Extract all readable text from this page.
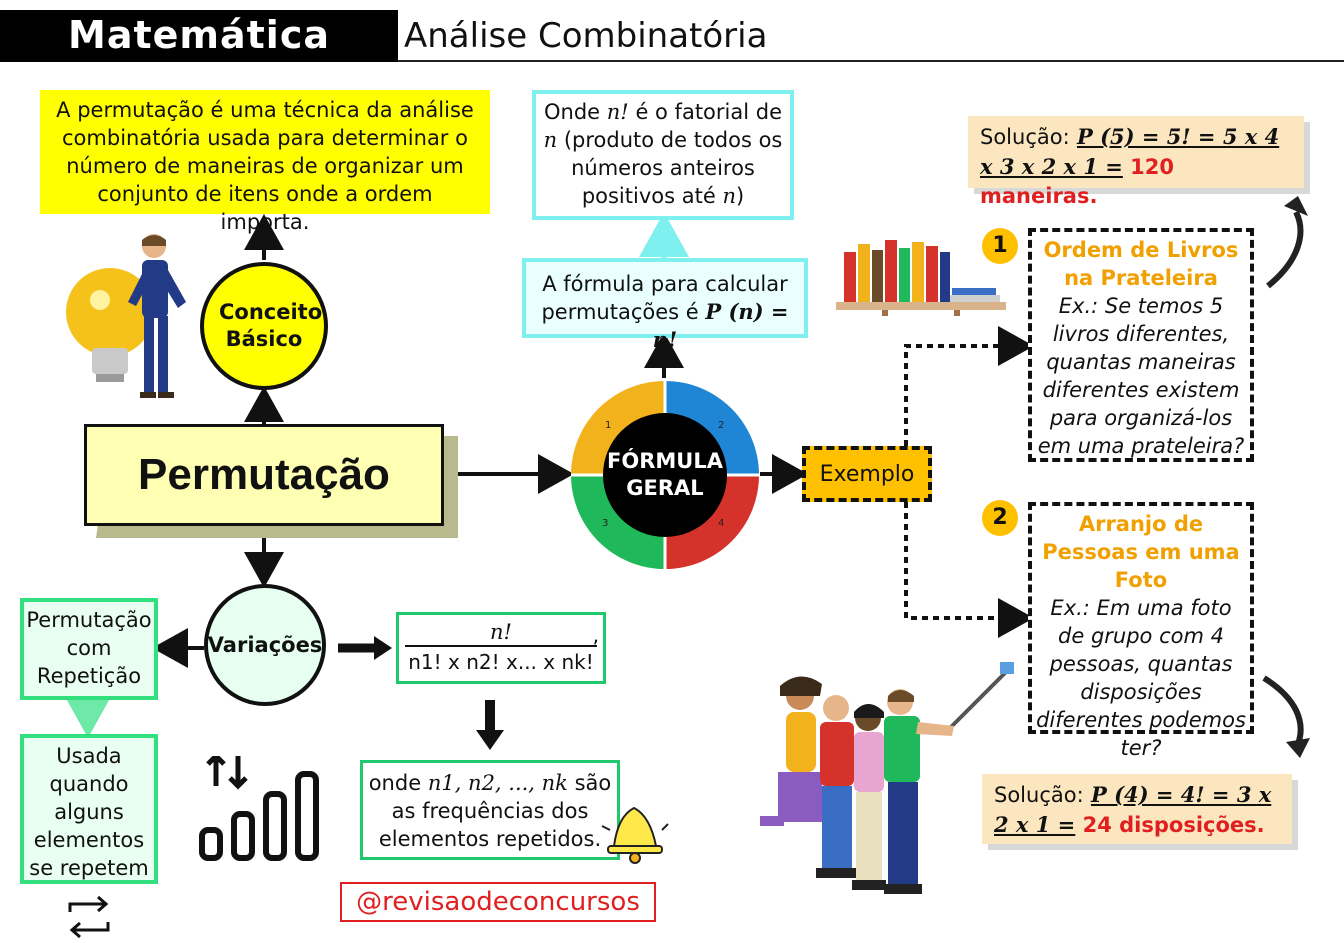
Matemática	Análise Combinatória
A permutação é uma técnica da análise combinatória usada para determinar o número de maneiras de organizar um conjunto de itens onde a ordem importa.
Conceito Básico
Permutação
1	2
3	4
FÓRMULA
GERAL
A fórmula para calcular permutações é P (n) = n!
Onde n! é o fatorial de n (produto de todos os números anteiros positivos até n)
Exemplo
1	Ordem de Livros na Prateleira
Ex.: Se temos 5 livros diferentes, quantas maneiras diferentes existem para organizá-los em uma prateleira?
Solução: P (5) = 5! = 5 x 4 x 3 x 2 x 1 = 120 maneiras.
2	Arranjo de Pessoas em uma Foto
Ex.: Em uma foto de grupo com 4 pessoas, quantas disposições diferentes podemos ter?
Solução: P (4) = 4! = 3 x 2 x 1 = 24 disposições.
Variações
Permutação com Repetição
Usada quando alguns elementos se repetem
n!
n1! x n2! x... x nk!
,
onde n1, n2, ..., nk são as frequências dos elementos repetidos.
@revisaodeconcursos
